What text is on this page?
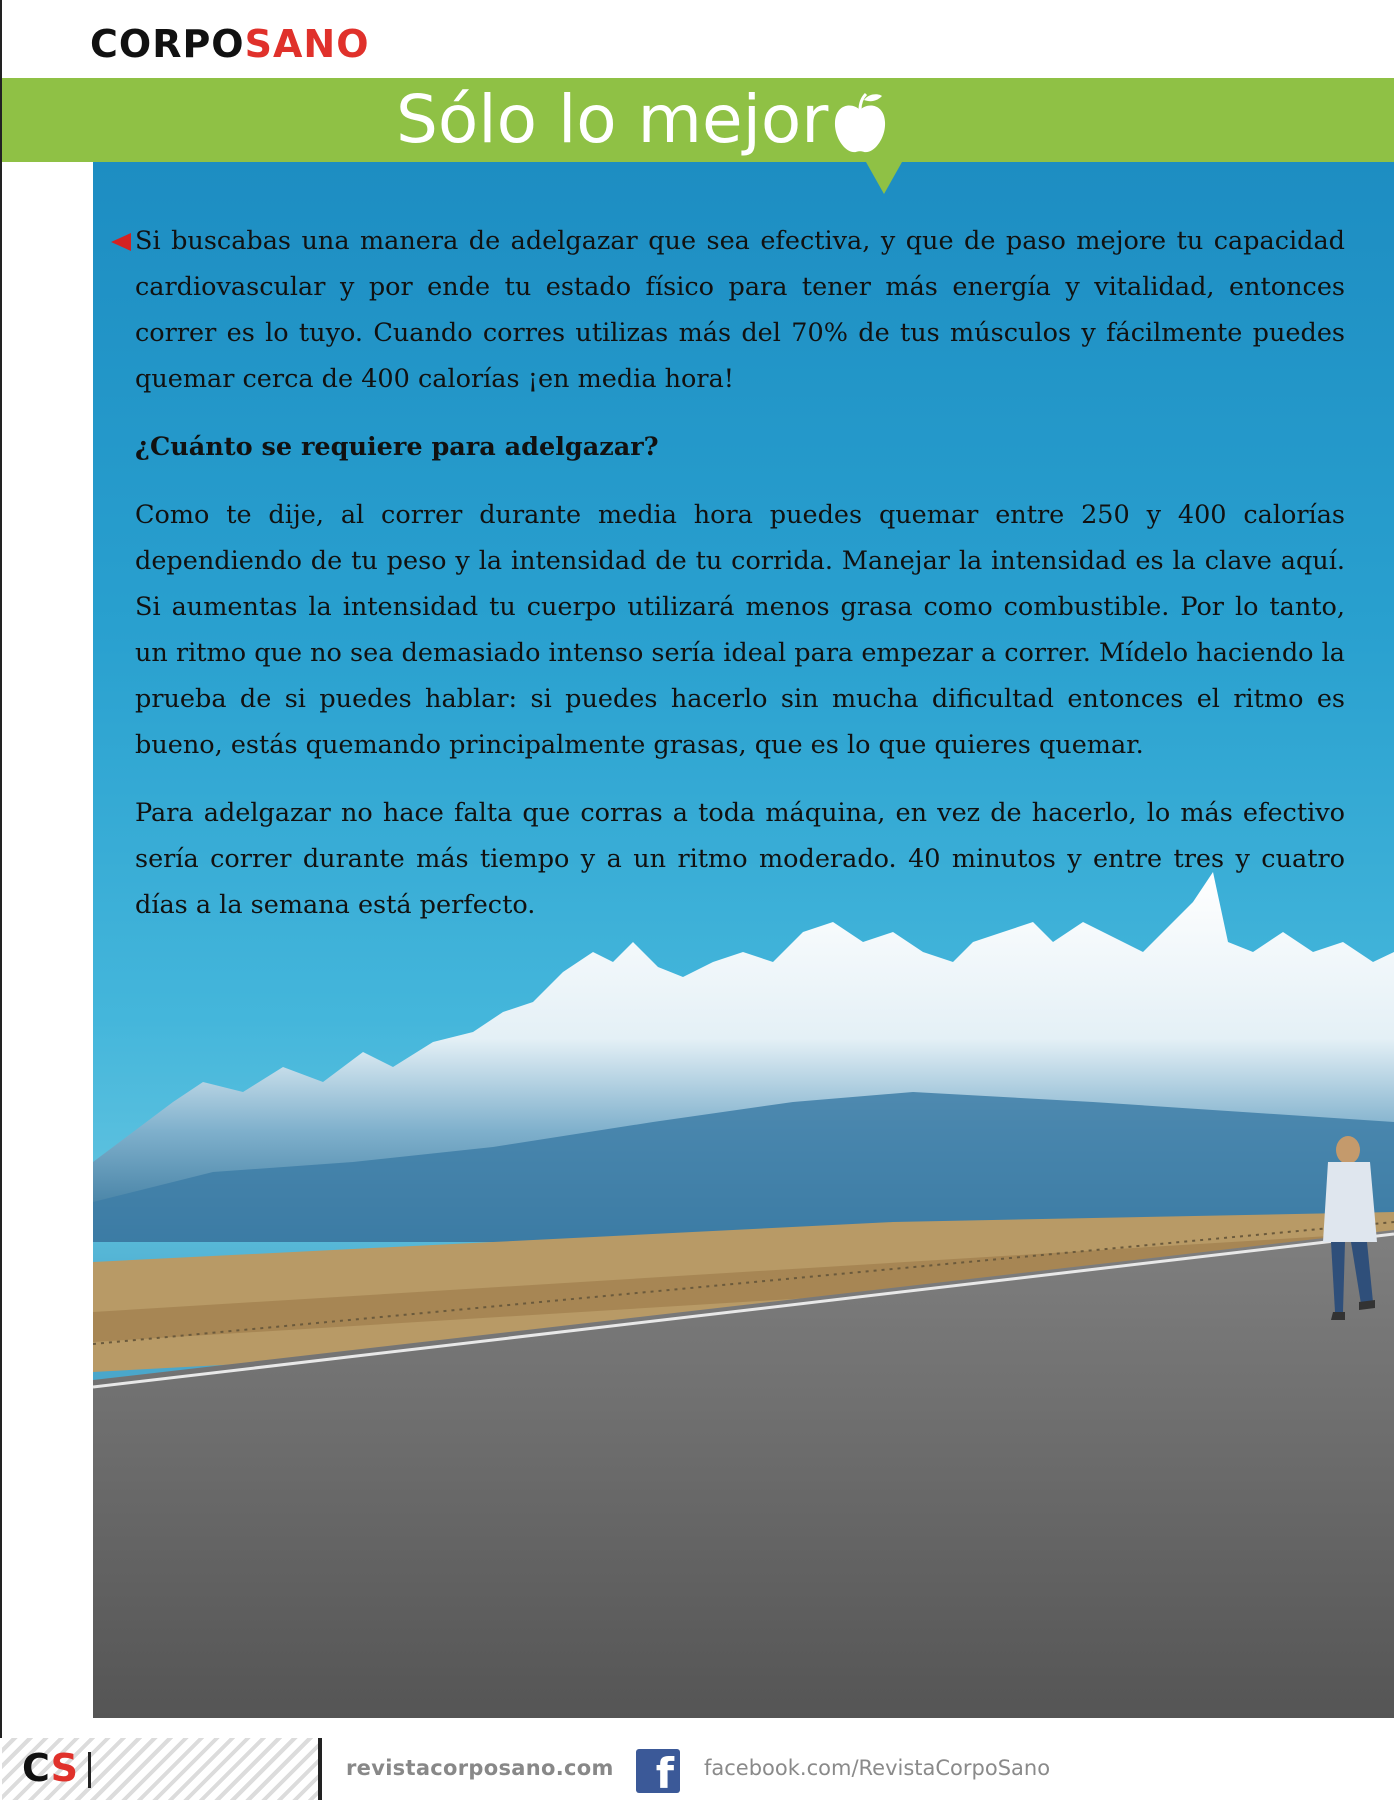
CORPOSANO
Sólo lo mejor

Si buscabas una manera de adelgazar que sea efectiva, y que de paso mejore tu capacidad cardiovascular y por ende tu estado físico para tener más energía y vitalidad, entonces correr es lo tuyo. Cuando corres utilizas más del 70% de tus músculos y fácilmente puedes quemar cerca de 400 calorías ¡en media hora!

¿Cuánto se requiere para adelgazar?

Como te dije, al correr durante media hora puedes quemar entre 250 y 400 calorías dependiendo de tu peso y la intensidad de tu corrida. Manejar la intensidad es la clave aquí. Si aumentas la intensidad tu cuerpo utilizará menos grasa como combustible. Por lo tanto, un ritmo que no sea demasiado intenso sería ideal para empezar a correr. Mídelo haciendo la prueba de si puedes hablar: si puedes hacerlo sin mucha dificultad entonces el ritmo es bueno, estás quemando principalmente grasas, que es lo que quieres quemar.

Para adelgazar no hace falta que corras a toda máquina, en vez de hacerlo, lo más efectivo sería correr durante más tiempo y a un ritmo moderado. 40 minutos y entre tres y cuatro días a la semana está perfecto.

CS	revistacorposano.com f facebook.com/RevistaCorpoSano
